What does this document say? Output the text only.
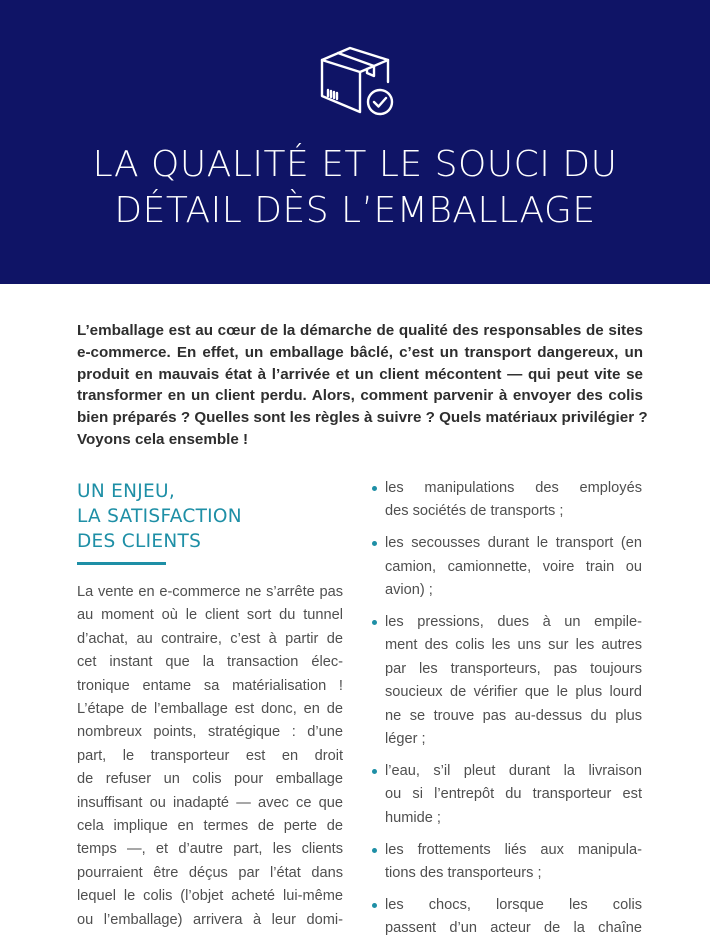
LA QUALITÉ ET LE SOUCI DU
DÉTAIL DÈS L’EMBALLAGE
L’emballage est au cœur de la démarche de qualité des responsables de sites
e-commerce. En effet, un emballage bâclé, c’est un transport dangereux, un
produit en mauvais état à l’arrivée et un client mécontent — qui peut vite se
transformer en un client perdu. Alors, comment parvenir à envoyer des colis
bien préparés ? Quelles sont les règles à suivre ? Quels matériaux privilégier ?
Voyons cela ensemble !
UN ENJEU,
LA SATISFACTION
DES CLIENTS
La vente en e-commerce ne s’arrête pas
au moment où le client sort du tunnel
d’achat, au contraire, c’est à partir de
cet instant que la transaction élec-
tronique entame sa matérialisation !
L’étape de l’emballage est donc, en de
nombreux points, stratégique : d’une
part, le transporteur est en droit
de refuser un colis pour emballage
insuffisant ou inadapté — avec ce que
cela implique en termes de perte de
temps —, et d’autre part, les clients
pourraient être déçus par l’état dans
lequel le colis (l’objet acheté lui-même
ou l’emballage) arrivera à leur domi-
les manipulations des employés
des sociétés de transports ;
les secousses durant le transport (en
camion, camionnette, voire train ou
avion) ;
les pressions, dues à un empile-
ment des colis les uns sur les autres
par les transporteurs, pas toujours
soucieux de vérifier que le plus lourd
ne se trouve pas au-dessus du plus
léger ;
l’eau, s’il pleut durant la livraison
ou si l’entrepôt du transporteur est
humide ;
les frottements liés aux manipula-
tions des transporteurs ;
les chocs, lorsque les colis
passent d’un acteur de la chaîne
